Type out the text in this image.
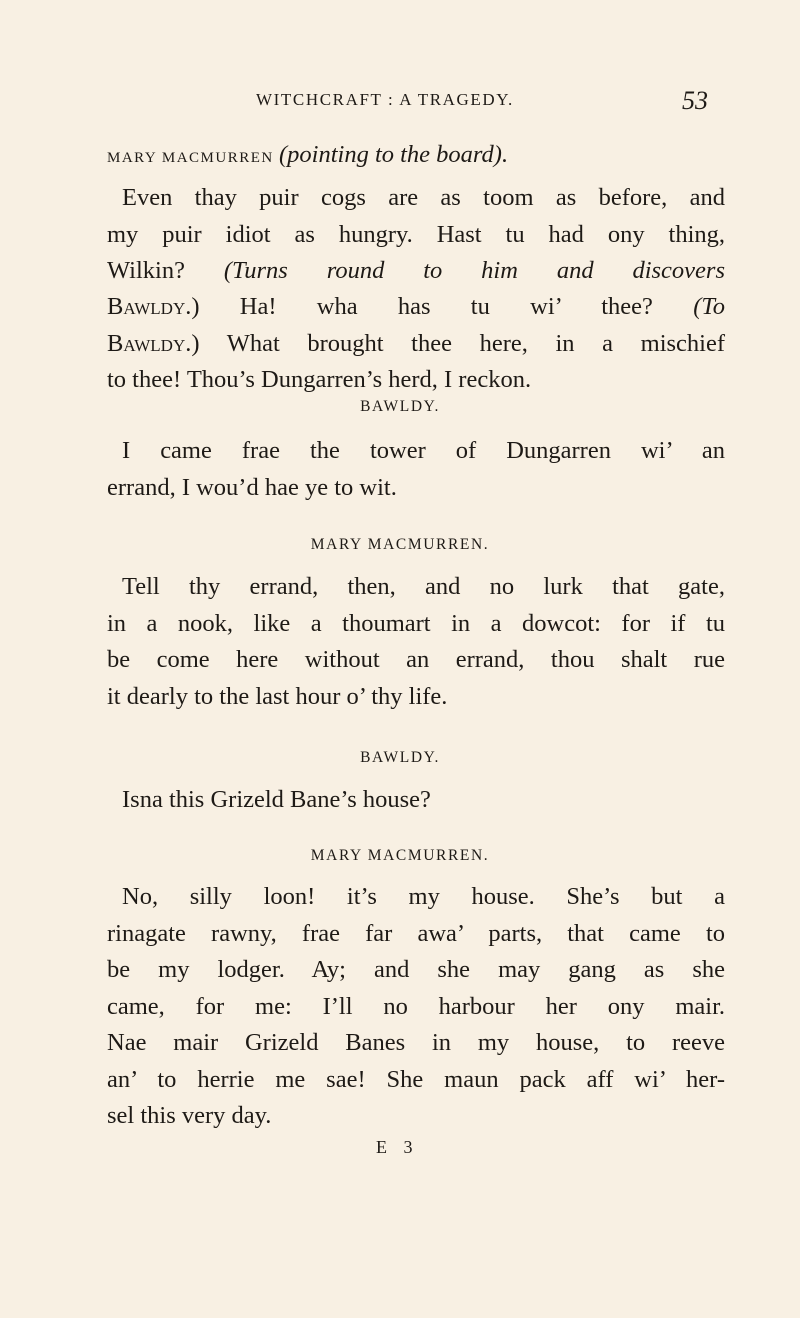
WITCHCRAFT : A TRAGEDY.	53
MARY MACMURREN (pointing to the board).
Even thay puir cogs are as toom as before, and
my puir idiot as hungry. Hast tu had ony thing,
Wilkin? (Turns round to him and discovers
Bawldy.) Ha! wha has tu wi’ thee? (To
Bawldy.) What brought thee here, in a mischief
to thee! Thou’s Dungarren’s herd, I reckon.
BAWLDY.
I came frae the tower of Dungarren wi’ an
errand, I wou’d hae ye to wit.
MARY MACMURREN.
Tell thy errand, then, and no lurk that gate,
in a nook, like a thoumart in a dowcot: for if tu
be come here without an errand, thou shalt rue
it dearly to the last hour o’ thy life.
BAWLDY.
Isna this Grizeld Bane’s house?
MARY MACMURREN.
No, silly loon! it’s my house. She’s but a
rinagate rawny, frae far awa’ parts, that came to
be my lodger. Ay; and she may gang as she
came, for me: I’ll no harbour her ony mair.
Nae mair Grizeld Banes in my house, to reeve
an’ to herrie me sae! She maun pack aff wi’ her-
sel this very day.
E 3
